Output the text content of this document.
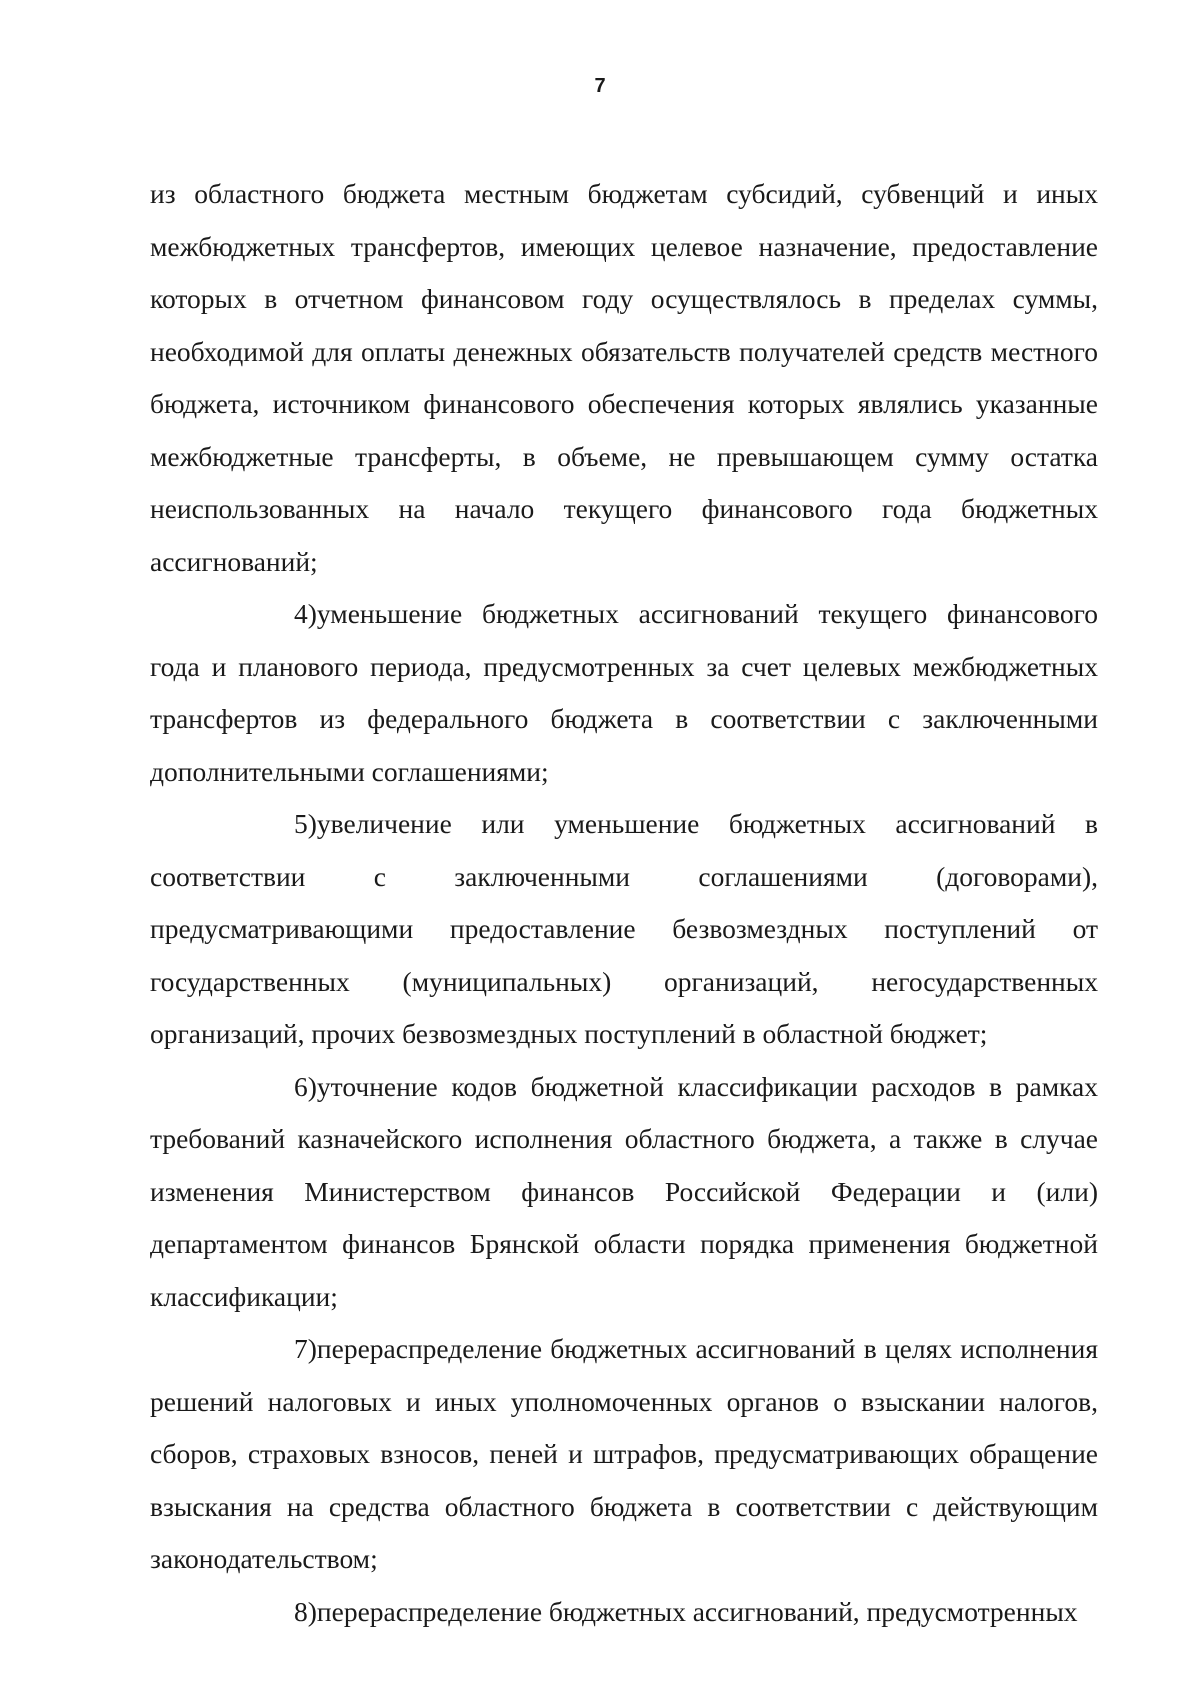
7

из областного бюджета местным бюджетам субсидий, субвенций и иных межбюджетных трансфертов, имеющих целевое назначение, предоставление которых в отчетном финансовом году осуществлялось в пределах суммы, необходимой для оплаты денежных обязательств получателей средств местного бюджета, источником финансового обеспечения которых являлись указанные межбюджетные трансферты, в объеме, не превышающем сумму остатка неиспользованных на начало текущего финансового года бюджетных ассигнований;

4)уменьшение бюджетных ассигнований текущего финансового года и планового периода, предусмотренных за счет целевых межбюджетных трансфертов из федерального бюджета в соответствии с заключенными дополнительными соглашениями;

5)увеличение или уменьшение бюджетных ассигнований в соответствии с заключенными соглашениями (договорами), предусматривающими предоставление безвозмездных поступлений от государственных (муниципальных) организаций, негосударственных организаций, прочих безвозмездных поступлений в областной бюджет;

6)уточнение кодов бюджетной классификации расходов в рамках требований казначейского исполнения областного бюджета, а также в случае изменения Министерством финансов Российской Федерации и (или) департаментом финансов Брянской области порядка применения бюджетной классификации;

7)перераспределение бюджетных ассигнований в целях исполнения решений налоговых и иных уполномоченных органов о взыскании налогов, сборов, страховых взносов, пеней и штрафов, предусматривающих обращение взыскания на средства областного бюджета в соответствии с действующим законодательством;

8)перераспределение бюджетных ассигнований, предусмотренных
